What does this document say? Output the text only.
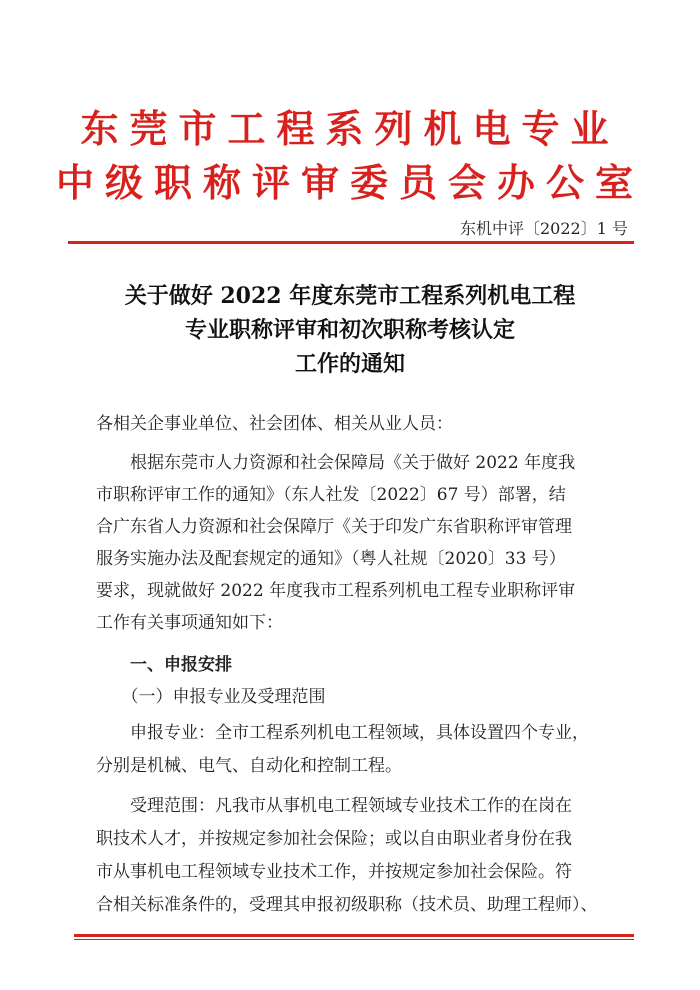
东莞市工程系列机电专业
中级职称评审委员会办公室
东机中评〔2022〕1 号
关于做好 2022 年度东莞市工程系列机电工程
专业职称评审和初次职称考核认定
工作的通知

各相关企事业单位、社会团体、相关从业人员：

　　根据东莞市人力资源和社会保障局《关于做好 2022 年度我

市职称评审工作的通知》（东人社发〔2022〕67 号）部署，结

合广东省人力资源和社会保障厅《关于印发广东省职称评审管理

服务实施办法及配套规定的通知》（粤人社规〔2020〕33 号）

要求，现就做好 2022 年度我市工程系列机电工程专业职称评审

工作有关事项通知如下：

　　一、申报安排

　　（一）申报专业及受理范围

　　申报专业：全市工程系列机电工程领域，具体设置四个专业，

分别是机械、电气、自动化和控制工程。

　　受理范围：凡我市从事机电工程领域专业技术工作的在岗在

职技术人才，并按规定参加社会保险；或以自由职业者身份在我

市从事机电工程领域专业技术工作，并按规定参加社会保险。符

合相关标准条件的，受理其申报初级职称（技术员、助理工程师）、
